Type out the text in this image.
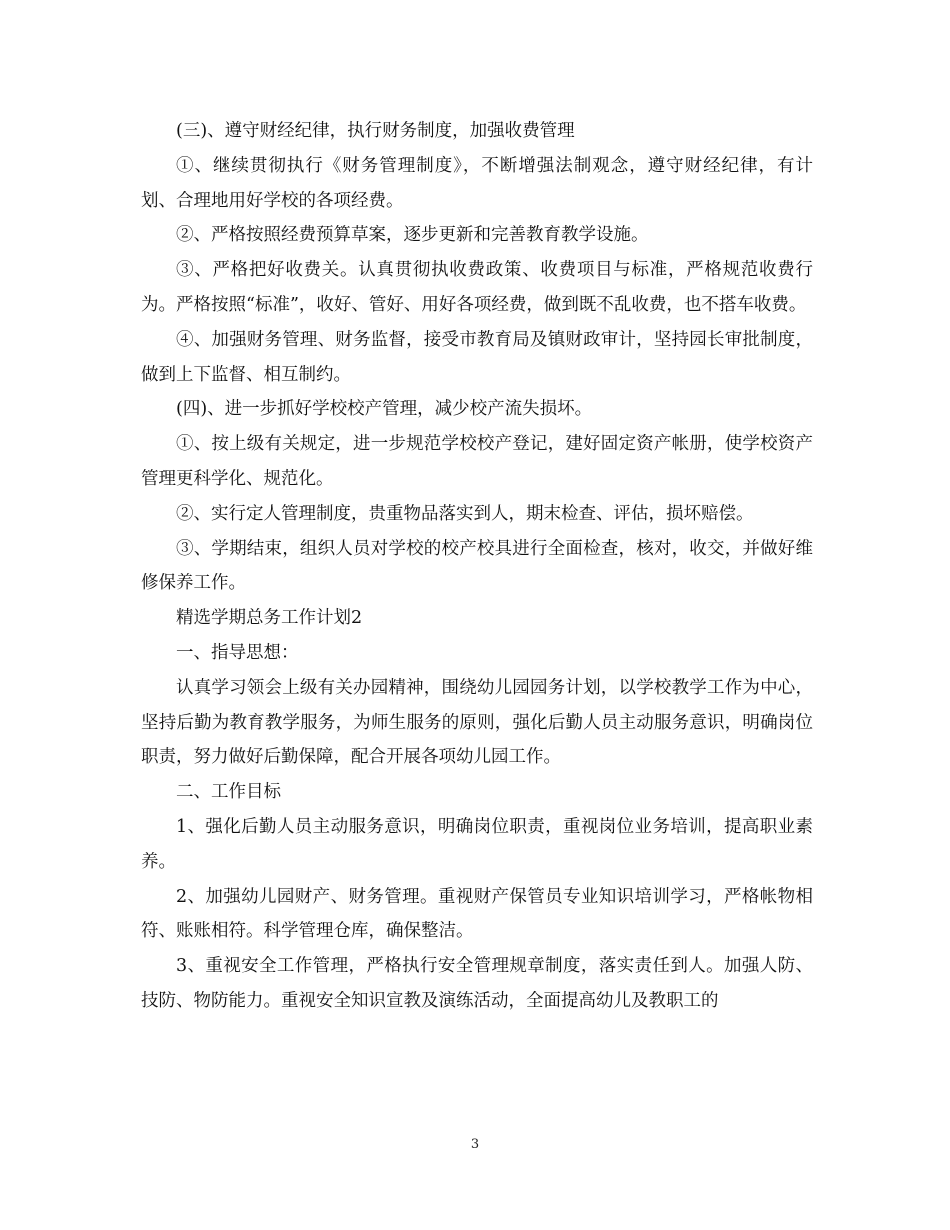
(三)、遵守财经纪律，执行财务制度，加强收费管理

①、继续贯彻执行《财务管理制度》，不断增强法制观念，遵守财经纪律，有计划、合理地用好学校的各项经费。

②、严格按照经费预算草案，逐步更新和完善教育教学设施。

③、严格把好收费关。认真贯彻执收费政策、收费项目与标准，严格规范收费行为。严格按照“标准”，收好、管好、用好各项经费，做到既不乱收费，也不搭车收费。

④、加强财务管理、财务监督，接受市教育局及镇财政审计，坚持园长审批制度，做到上下监督、相互制约。

(四)、进一步抓好学校校产管理，减少校产流失损坏。

①、按上级有关规定，进一步规范学校校产登记，建好固定资产帐册，使学校资产管理更科学化、规范化。

②、实行定人管理制度，贵重物品落实到人，期末检查、评估，损坏赔偿。

③、学期结束，组织人员对学校的校产校具进行全面检查，核对，收交，并做好维修保养工作。

精选学期总务工作计划2

一、指导思想：

认真学习领会上级有关办园精神，围绕幼儿园园务计划，以学校教学工作为中心，坚持后勤为教育教学服务，为师生服务的原则，强化后勤人员主动服务意识，明确岗位职责，努力做好后勤保障，配合开展各项幼儿园工作。

二、工作目标

1、强化后勤人员主动服务意识，明确岗位职责，重视岗位业务培训，提高职业素养。

2、加强幼儿园财产、财务管理。重视财产保管员专业知识培训学习，严格帐物相符、账账相符。科学管理仓库，确保整洁。

3、重视安全工作管理，严格执行安全管理规章制度，落实责任到人。加强人防、技防、物防能力。重视安全知识宣教及演练活动，全面提高幼儿及教职工的

3
